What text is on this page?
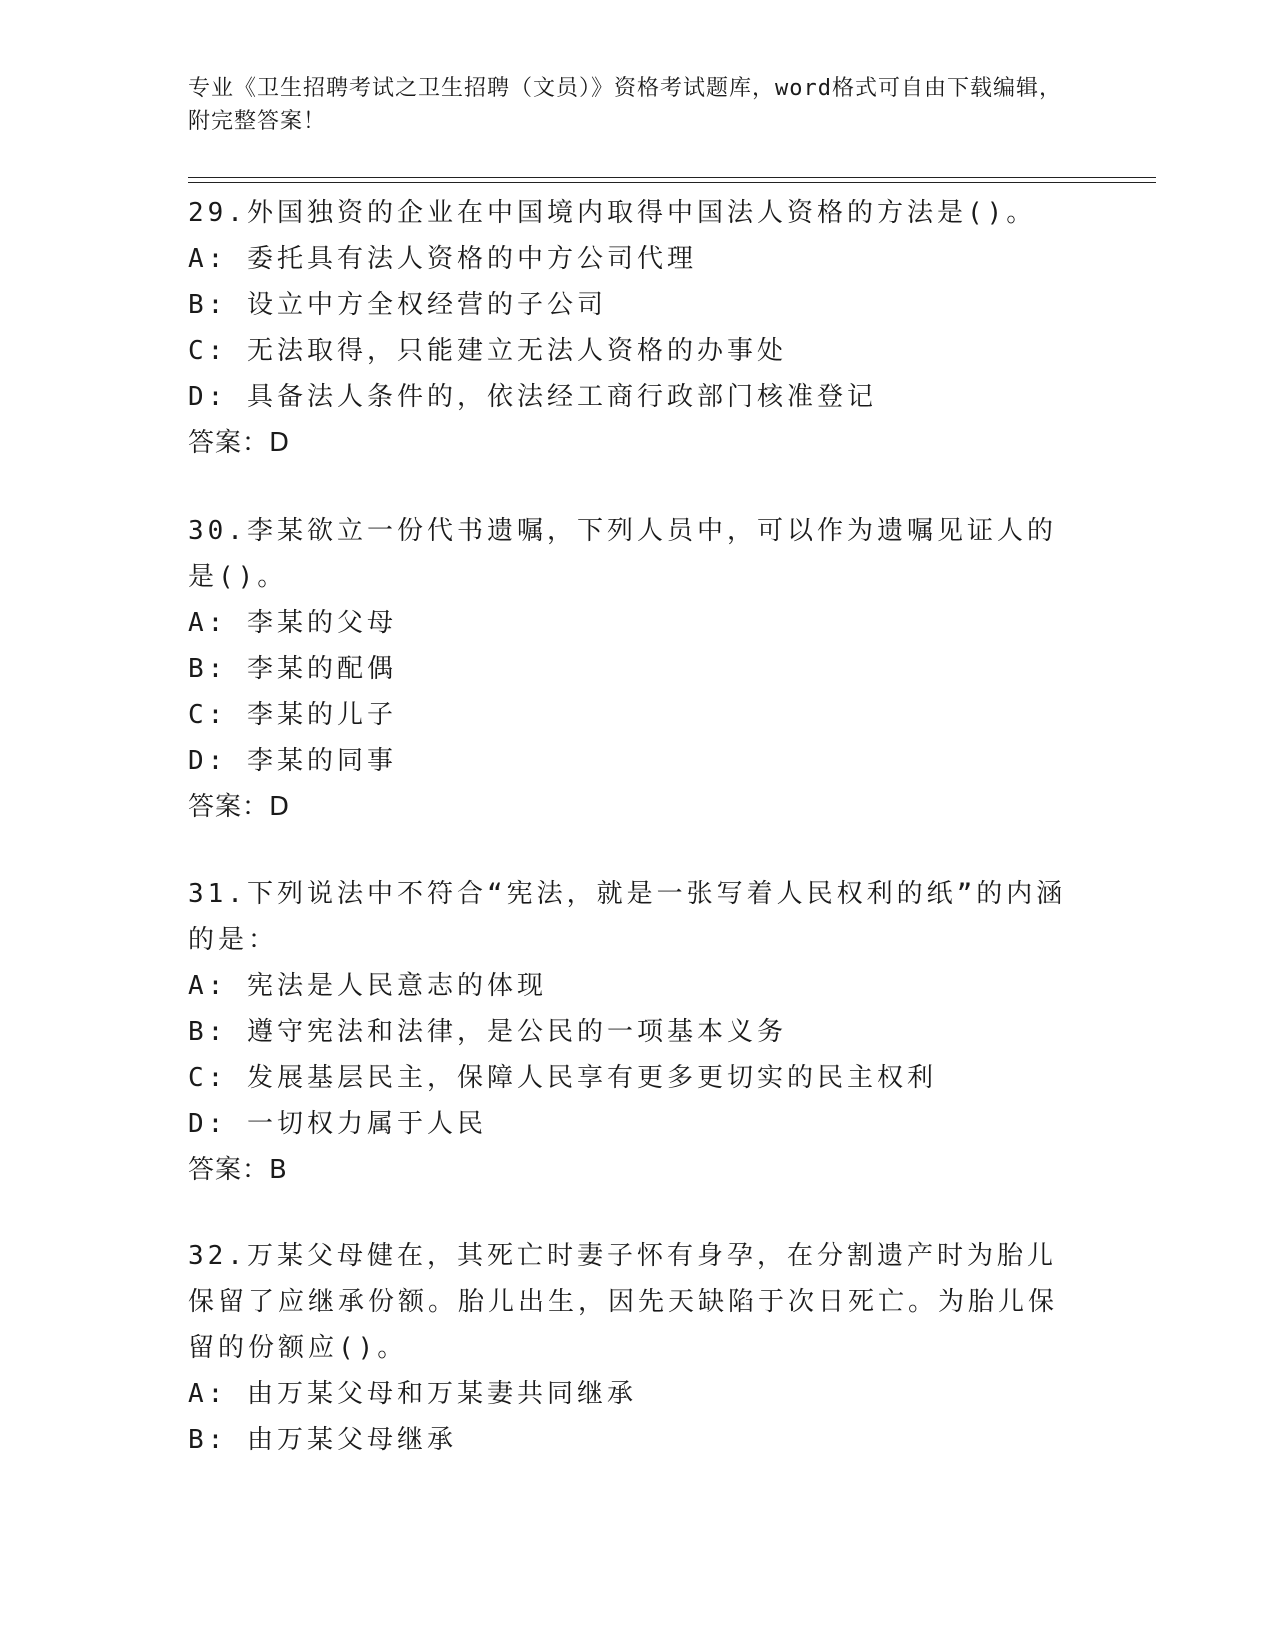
专业《卫生招聘考试之卫生招聘（文员）》资格考试题库，word格式可自由下载编辑，附完整答案！
29.外国独资的企业在中国境内取得中国法人资格的方法是()。
A: 委托具有法人资格的中方公司代理
B: 设立中方全权经营的子公司
C: 无法取得，只能建立无法人资格的办事处
D: 具备法人条件的，依法经工商行政部门核准登记
答案：D
30.李某欲立一份代书遗嘱，下列人员中，可以作为遗嘱见证人的是()。
A: 李某的父母
B: 李某的配偶
C: 李某的儿子
D: 李某的同事
答案：D
31.下列说法中不符合“宪法，就是一张写着人民权利的纸”的内涵的是：
A: 宪法是人民意志的体现
B: 遵守宪法和法律，是公民的一项基本义务
C: 发展基层民主，保障人民享有更多更切实的民主权利
D: 一切权力属于人民
答案：B
32.万某父母健在，其死亡时妻子怀有身孕，在分割遗产时为胎儿保留了应继承份额。胎儿出生，因先天缺陷于次日死亡。为胎儿保留的份额应()。
A: 由万某父母和万某妻共同继承
B: 由万某父母继承
